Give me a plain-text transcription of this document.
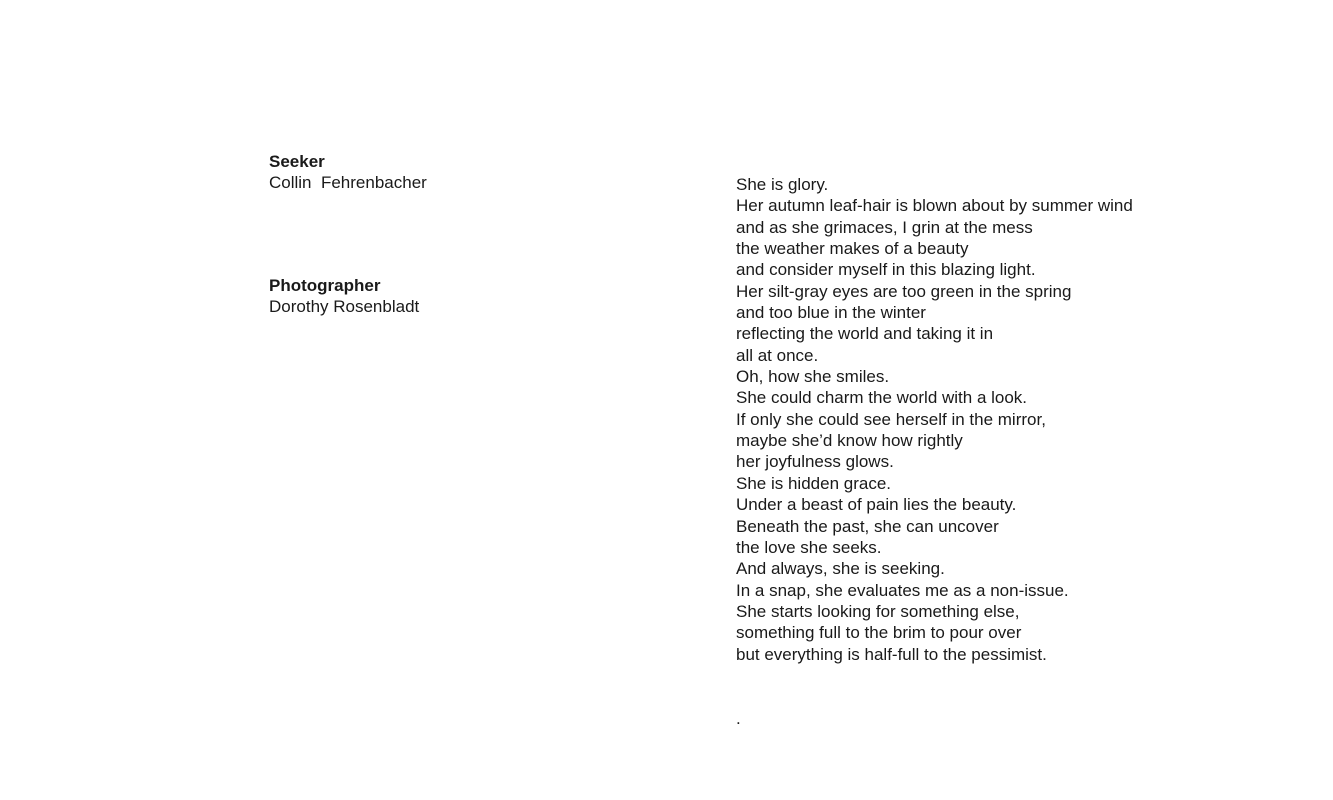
Seeker
Collin  Fehrenbacher
Photographer
Dorothy Rosenbladt
She is glory.
Her autumn leaf-hair is blown about by summer wind
and as she grimaces, I grin at the mess
the weather makes of a beauty
and consider myself in this blazing light.
Her silt-gray eyes are too green in the spring
and too blue in the winter
reflecting the world and taking it in
all at once.
Oh, how she smiles.
She could charm the world with a look.
If only she could see herself in the mirror,
maybe she’d know how rightly
her joyfulness glows.
She is hidden grace.
Under a beast of pain lies the beauty.
Beneath the past, she can uncover
the love she seeks.
And always, she is seeking.
In a snap, she evaluates me as a non-issue.
She starts looking for something else,
something full to the brim to pour over
but everything is half-full to the pessimist.
.
